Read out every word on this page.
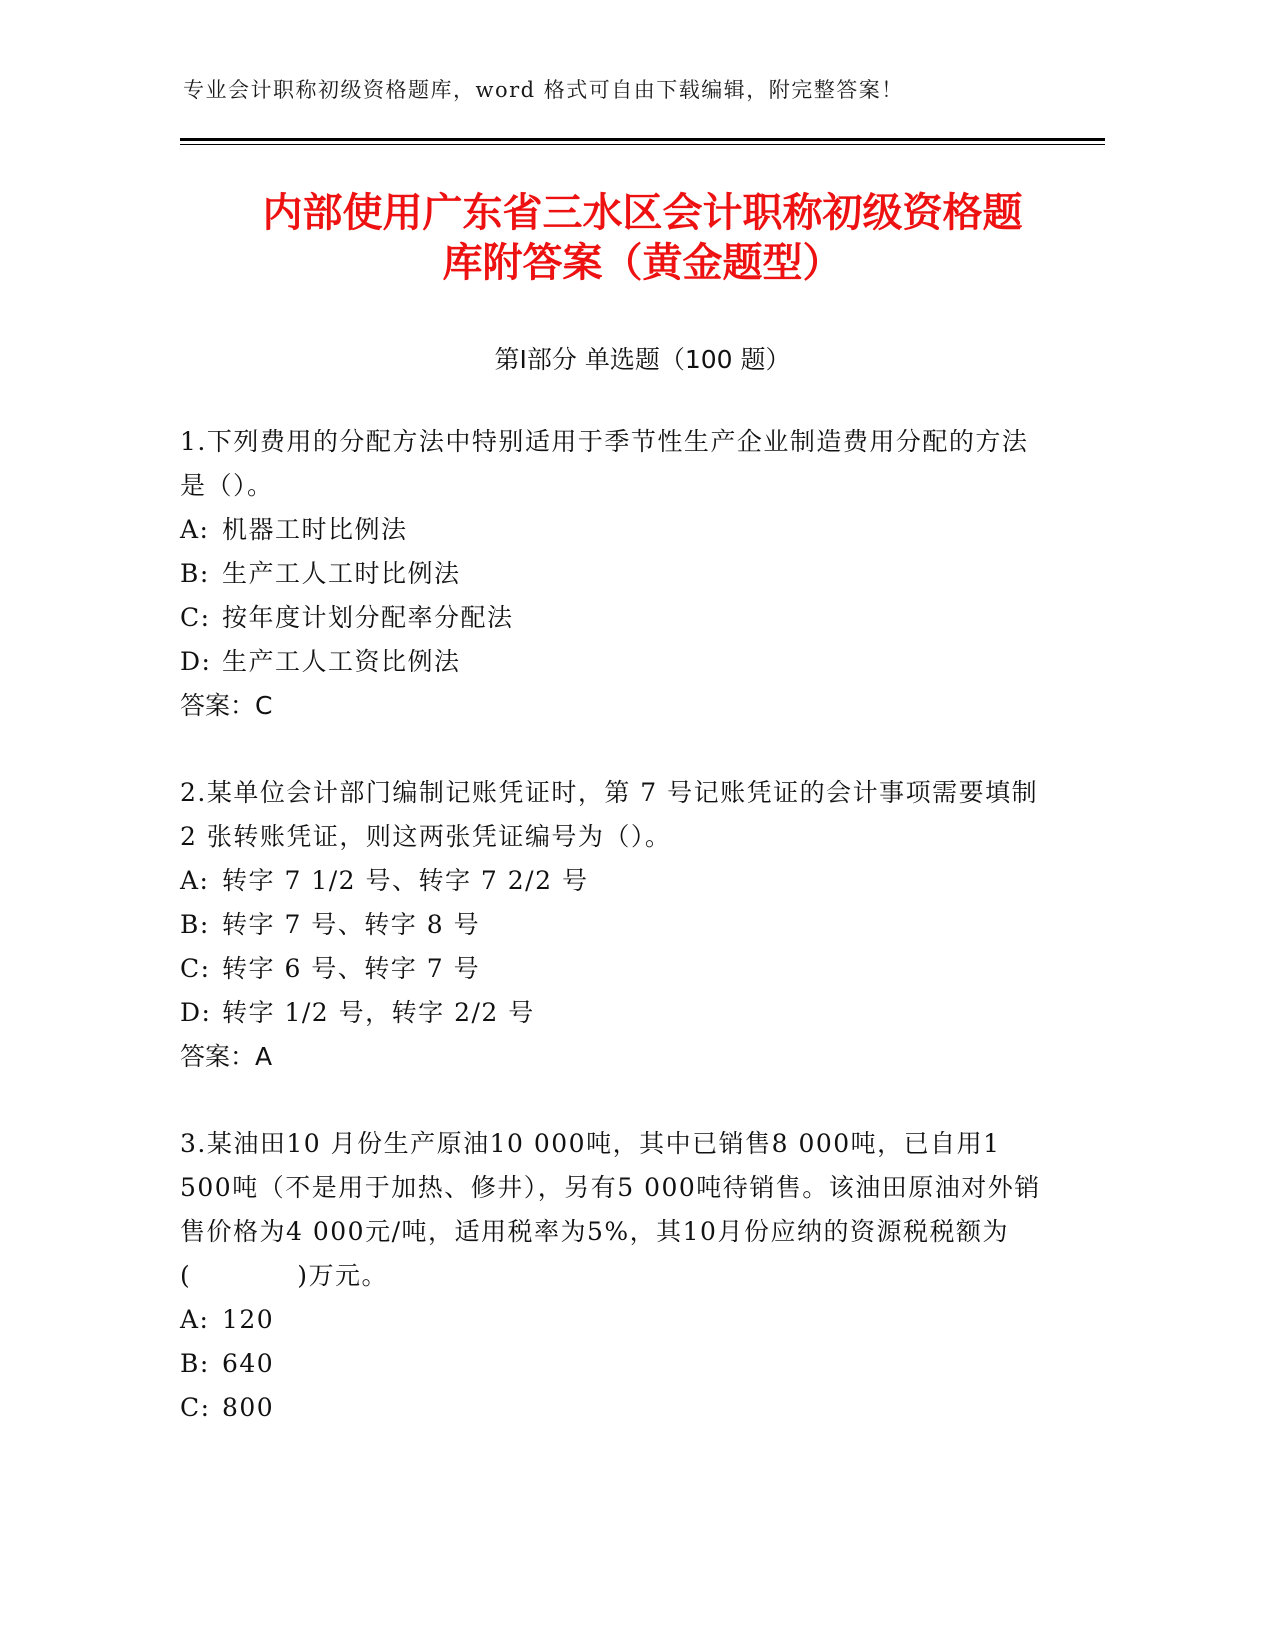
专业会计职称初级资格题库，word 格式可自由下载编辑，附完整答案！
内部使用广东省三水区会计职称初级资格题
库附答案（黄金题型）
第Ⅰ部分 单选题（100 题）

1.下列费用的分配方法中特别适用于季节性生产企业制造费用分配的方法是（）。

A: 机器工时比例法

B: 生产工人工时比例法

C: 按年度计划分配率分配法

D: 生产工人工资比例法

答案：C

2.某单位会计部门编制记账凭证时，第 7 号记账凭证的会计事项需要填制 2 张转账凭证，则这两张凭证编号为（）。

A: 转字 7 1/2 号、转字 7 2/2 号

B: 转字 7 号、转字 8 号

C: 转字 6 号、转字 7 号

D: 转字 1/2 号，转字 2/2 号

答案：A

3.某油田10 月份生产原油10 000吨，其中已销售8 000吨，已自用1 500吨（不是用于加热、修井），另有5 000吨待销售。该油田原油对外销售价格为4 000元/吨，适用税率为5%，其10月份应纳的资源税税额为(　　　　)万元。

A: 120

B: 640

C: 800
